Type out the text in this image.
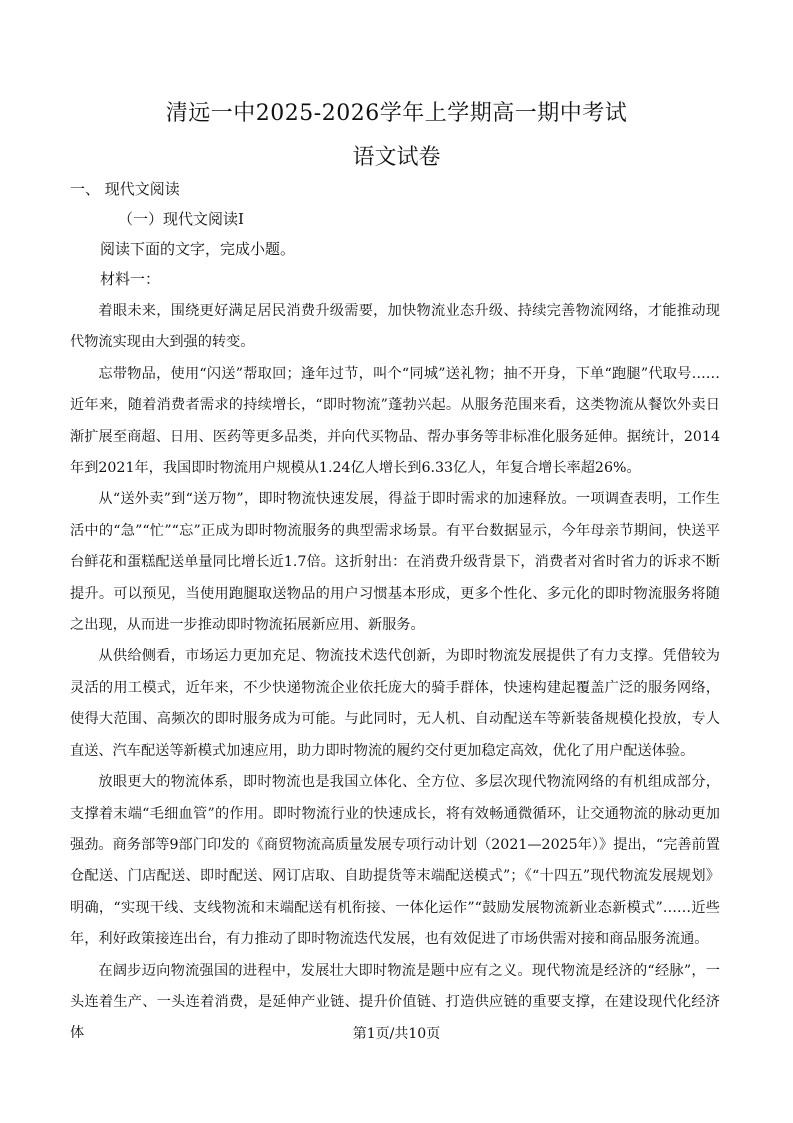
清远一中2025-2026学年上学期高一期中考试
语文试卷
一、 现代文阅读
（一）现代文阅读Ⅰ
阅读下面的文字，完成小题。
材料一：

着眼未来，围绕更好满足居民消费升级需要，加快物流业态升级、持续完善物流网络，才能推动现代物流实现由大到强的转变。

忘带物品，使用“闪送”帮取回；逢年过节，叫个“同城”送礼物；抽不开身，下单“跑腿”代取号……近年来，随着消费者需求的持续增长，“即时物流”蓬勃兴起。从服务范围来看，这类物流从餐饮外卖日渐扩展至商超、日用、医药等更多品类，并向代买物品、帮办事务等非标准化服务延伸。据统计，2014年到2021年，我国即时物流用户规模从1.24亿人增长到6.33亿人，年复合增长率超26%。

从“送外卖”到“送万物”，即时物流快速发展，得益于即时需求的加速释放。一项调查表明，工作生活中的“急”“忙”“忘”正成为即时物流服务的典型需求场景。有平台数据显示，今年母亲节期间，快送平台鲜花和蛋糕配送单量同比增长近1.7倍。这折射出：在消费升级背景下，消费者对省时省力的诉求不断提升。可以预见，当使用跑腿取送物品的用户习惯基本形成，更多个性化、多元化的即时物流服务将随之出现，从而进一步推动即时物流拓展新应用、新服务。

从供给侧看，市场运力更加充足、物流技术迭代创新，为即时物流发展提供了有力支撑。凭借较为灵活的用工模式，近年来，不少快递物流企业依托庞大的骑手群体，快速构建起覆盖广泛的服务网络，使得大范围、高频次的即时服务成为可能。与此同时，无人机、自动配送车等新装备规模化投放，专人直送、汽车配送等新模式加速应用，助力即时物流的履约交付更加稳定高效，优化了用户配送体验。

放眼更大的物流体系，即时物流也是我国立体化、全方位、多层次现代物流网络的有机组成部分，支撑着末端“毛细血管”的作用。即时物流行业的快速成长，将有效畅通微循环，让交通物流的脉动更加强劲。商务部等9部门印发的《商贸物流高质量发展专项行动计划（2021—2025年）》提出，“完善前置仓配送、门店配送、即时配送、网订店取、自助提货等末端配送模式”；《“十四五”现代物流发展规划》明确，“实现干线、支线物流和末端配送有机衔接、一体化运作”“鼓励发展物流新业态新模式”……近些年，利好政策接连出台，有力推动了即时物流迭代发展，也有效促进了市场供需对接和商品服务流通。

在阔步迈向物流强国的进程中，发展壮大即时物流是题中应有之义。现代物流是经济的“经脉”，一头连着生产、一头连着消费，是延伸产业链、提升价值链、打造供应链的重要支撑，在建设现代化经济体	第1页/共10页
